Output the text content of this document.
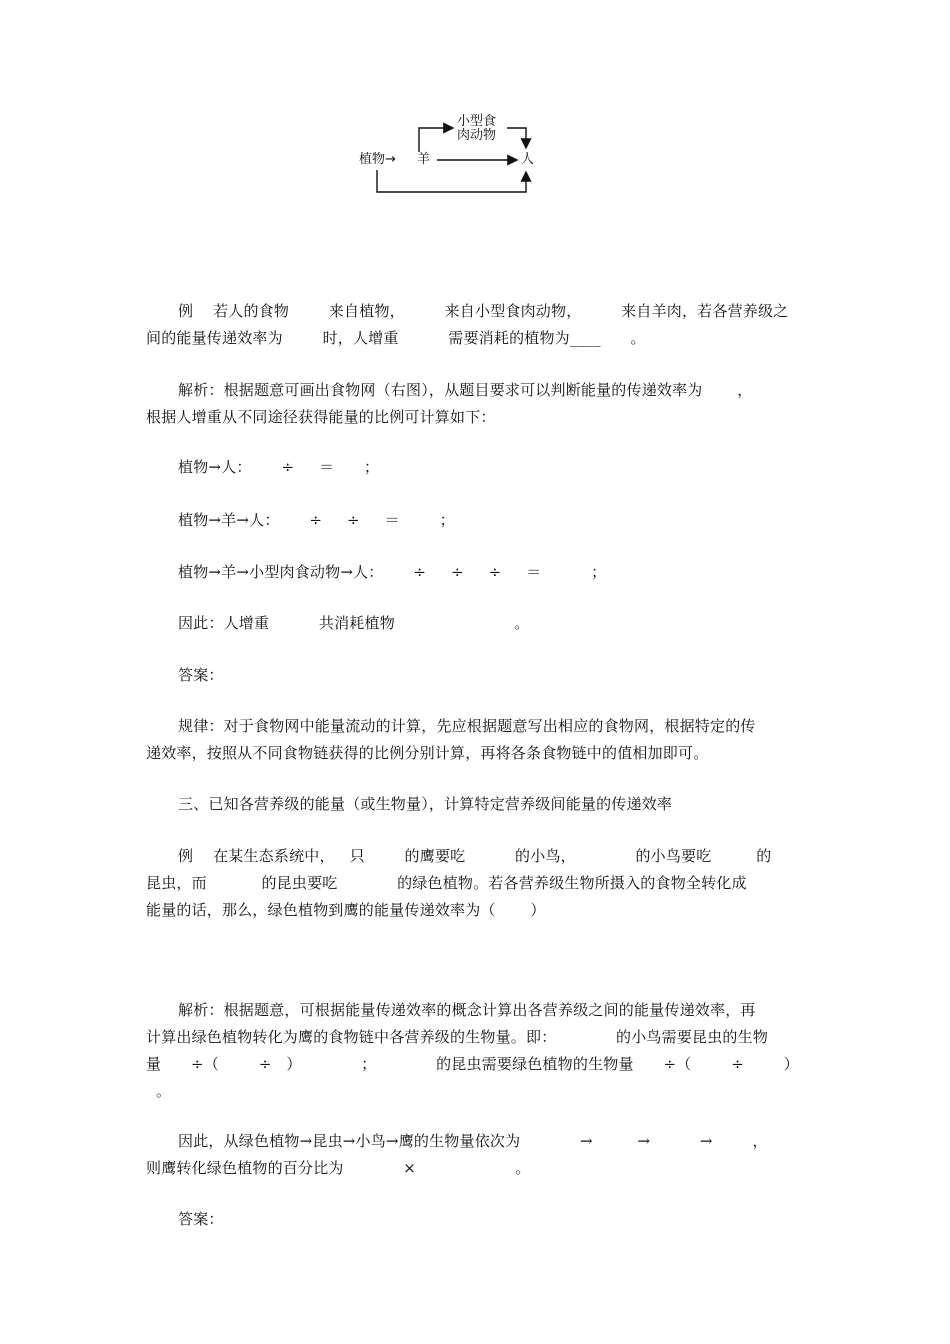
植物→ 羊
小型食
肉动物
人
例 若人的食物	来自植物，	来自小型食肉动物，	来自羊肉，若各营养级之
间的能量传递效率为	时，人增重	需要消耗的植物为____ 。
解析：根据题意可画出食物网（右图），从题目要求可以判断能量的传递效率为 ，
根据人增重从不同途径获得能量的比例可计算如下：
植物→人： ÷ ＝ ；
植物→羊→人： ÷ ÷ ＝	；
植物→羊→小型肉食动物→人： ÷ ÷ ÷ ＝	；
因此：人增重	共消耗植物	。
答案：
规律：对于食物网中能量流动的计算，先应根据题意写出相应的食物网，根据特定的传
递效率，按照从不同食物链获得的比例分别计算，再将各条食物链中的值相加即可。
三、已知各营养级的能量（或生物量），计算特定营养级间能量的传递效率
例 在某生态系统中， 只	的鹰要吃	的小鸟，	的小鸟要吃	的
昆虫，而	的昆虫要吃	的绿色植物。若各营养级生物所摄入的食物全转化成
能量的话，那么，绿色植物到鹰的能量传递效率为（ ）
解析：根据题意，可根据能量传递效率的概念计算出各营养级之间的能量传递效率，再
计算出绿色植物转化为鹰的食物链中各营养级的生物量。即：	的小鸟需要昆虫的生物
量 ÷（	÷ ）	；	的昆虫需要绿色植物的生物量 ÷（	÷	）
。
因此，从绿色植物→昆虫→小鸟→鹰的生物量依次为	→	→	→	，
则鹰转化绿色植物的百分比为	×	。
答案：
